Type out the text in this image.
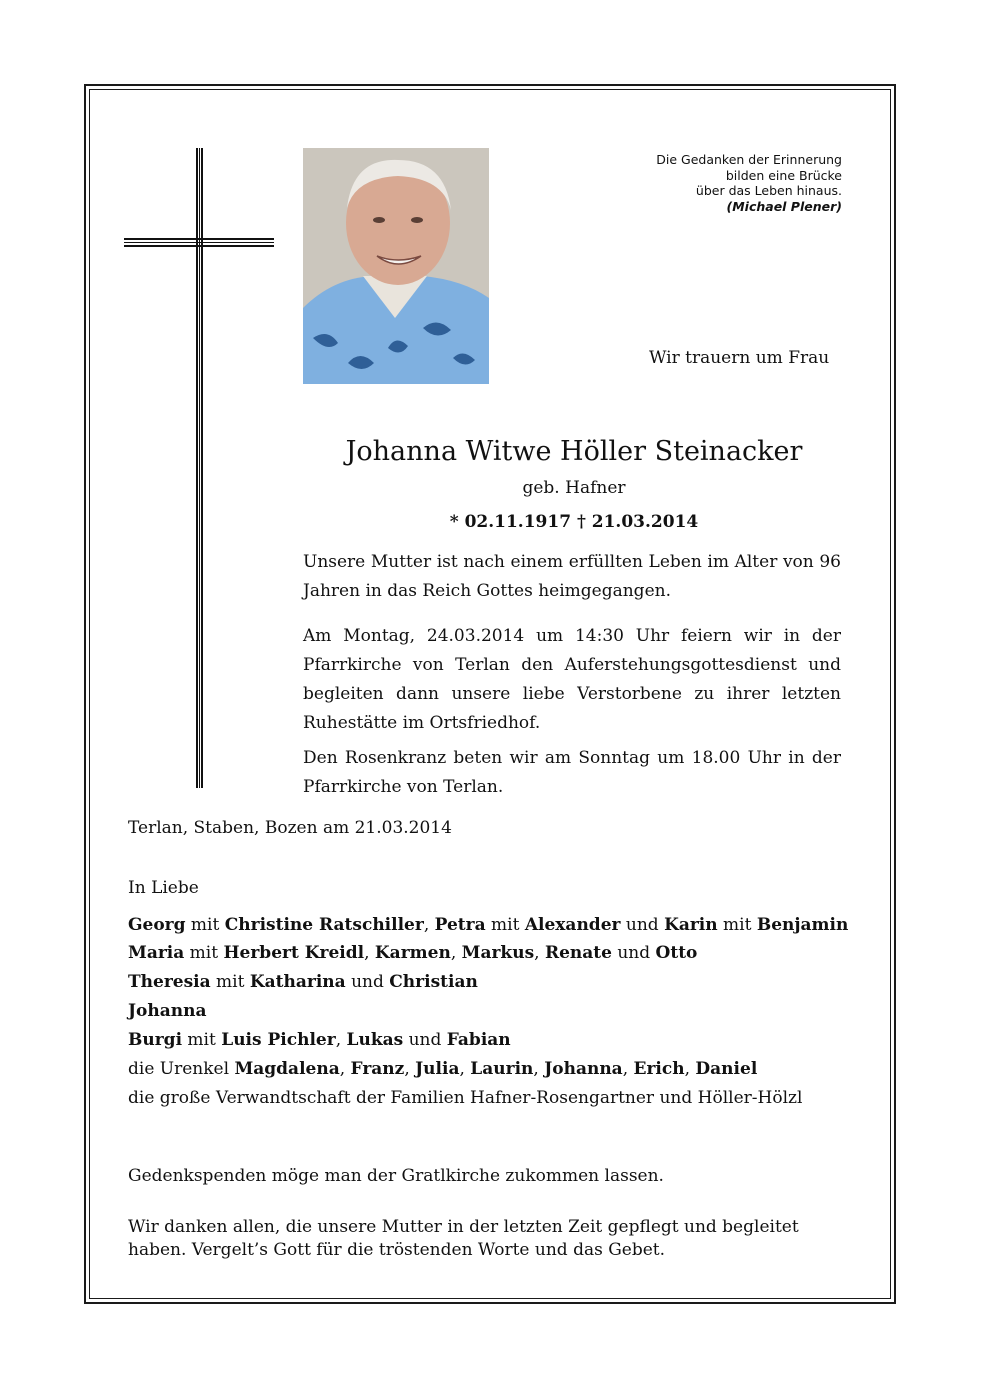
Die Gedanken der Erinnerung
bilden eine Brücke
über das Leben hinaus.
(Michael Plener)
Wir trauern um Frau
Johanna Witwe Höller Steinacker
geb. Hafner
* 02.11.1917 † 21.03.2014

Unsere Mutter ist nach einem erfüllten Leben im Alter von 96 Jahren in das Reich Gottes heimgegangen.

Am Montag, 24.03.2014 um 14:30 Uhr feiern wir in der Pfarrkirche von Terlan den Auferstehungsgottesdienst und begleiten dann unsere liebe Verstorbene zu ihrer letzten Ruhestätte im Ortsfriedhof.

Den Rosenkranz beten wir am Sonntag um 18.00 Uhr in der Pfarrkirche von Terlan.

Terlan, Staben, Bozen am 21.03.2014
In Liebe

Georg mit Christine Ratschiller, Petra mit Alexander und Karin mit Benjamin

Maria mit Herbert Kreidl, Karmen, Markus, Renate und Otto

Theresia mit Katharina und Christian

Johanna

Burgi mit Luis Pichler, Lukas und Fabian

die Urenkel Magdalena, Franz, Julia, Laurin, Johanna, Erich, Daniel

die große Verwandtschaft der Familien Hafner-Rosengartner und Höller-Hölzl

Gedenkspenden möge man der Gratlkirche zukommen lassen.

Wir danken allen, die unsere Mutter in der letzten Zeit gepflegt und begleitet haben. Vergelt’s Gott für die tröstenden Worte und das Gebet.
